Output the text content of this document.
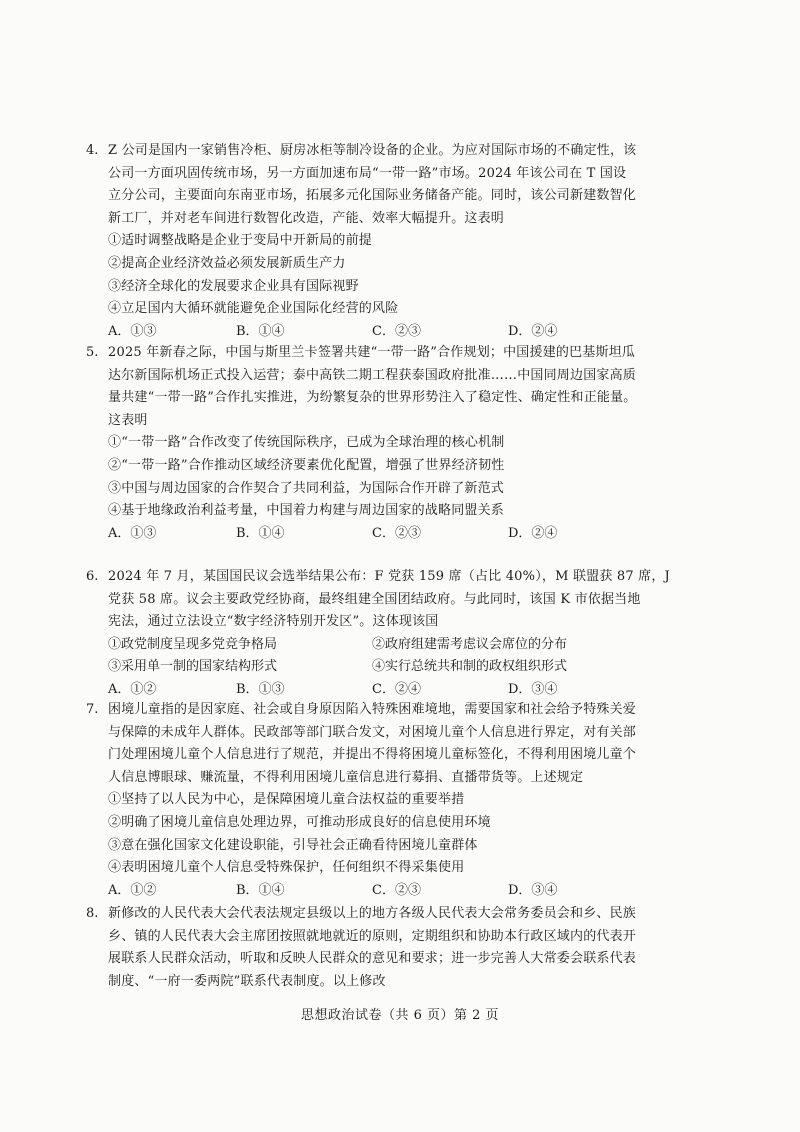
4. Z 公司是国内一家销售冷柜、厨房冰柜等制冷设备的企业。为应对国际市场的不确定性，该
公司一方面巩固传统市场，另一方面加速布局“一带一路”市场。2024 年该公司在 T 国设
立分公司，主要面向东南亚市场，拓展多元化国际业务储备产能。同时，该公司新建数智化
新工厂，并对老车间进行数智化改造，产能、效率大幅提升。这表明
①适时调整战略是企业于变局中开新局的前提
②提高企业经济效益必须发展新质生产力
③经济全球化的发展要求企业具有国际视野
④立足国内大循环就能避免企业国际化经营的风险
A．①③	B．①④	C．②③	D．②④
5. 2025 年新春之际，中国与斯里兰卡签署共建“一带一路”合作规划；中国援建的巴基斯坦瓜
达尔新国际机场正式投入运营；泰中高铁二期工程获泰国政府批准……中国同周边国家高质
量共建“一带一路”合作扎实推进，为纷繁复杂的世界形势注入了稳定性、确定性和正能量。
这表明
①“一带一路”合作改变了传统国际秩序，已成为全球治理的核心机制
②“一带一路”合作推动区域经济要素优化配置，增强了世界经济韧性
③中国与周边国家的合作契合了共同利益，为国际合作开辟了新范式
④基于地缘政治利益考量，中国着力构建与周边国家的战略同盟关系
A．①③	B．①④	C．②③	D．②④
6. 2024 年 7 月，某国国民议会选举结果公布：F 党获 159 席（占比 40%），M 联盟获 87 席，J
党获 58 席。议会主要政党经协商，最终组建全国团结政府。与此同时，该国 K 市依据当地
宪法，通过立法设立“数字经济特别开发区”。这体现该国
①政党制度呈现多党竞争格局	②政府组建需考虑议会席位的分布
③采用单一制的国家结构形式	④实行总统共和制的政权组织形式
A．①②	B．①③	C．②④	D．③④
7. 困境儿童指的是因家庭、社会或自身原因陷入特殊困难境地，需要国家和社会给予特殊关爱
与保障的未成年人群体。民政部等部门联合发文，对困境儿童个人信息进行界定，对有关部
门处理困境儿童个人信息进行了规范，并提出不得将困境儿童标签化，不得利用困境儿童个
人信息博眼球、赚流量，不得利用困境儿童信息进行募捐、直播带货等。上述规定
①坚持了以人民为中心，是保障困境儿童合法权益的重要举措
②明确了困境儿童信息处理边界，可推动形成良好的信息使用环境
③意在强化国家文化建设职能，引导社会正确看待困境儿童群体
④表明困境儿童个人信息受特殊保护，任何组织不得采集使用
A．①②	B．①④	C．②③	D．③④
8. 新修改的人民代表大会代表法规定县级以上的地方各级人民代表大会常务委员会和乡、民族
乡、镇的人民代表大会主席团按照就地就近的原则，定期组织和协助本行政区域内的代表开
展联系人民群众活动，听取和反映人民群众的意见和要求；进一步完善人大常委会联系代表
制度、“一府一委两院”联系代表制度。以上修改
思想政治试卷（共 6 页）第 2 页
